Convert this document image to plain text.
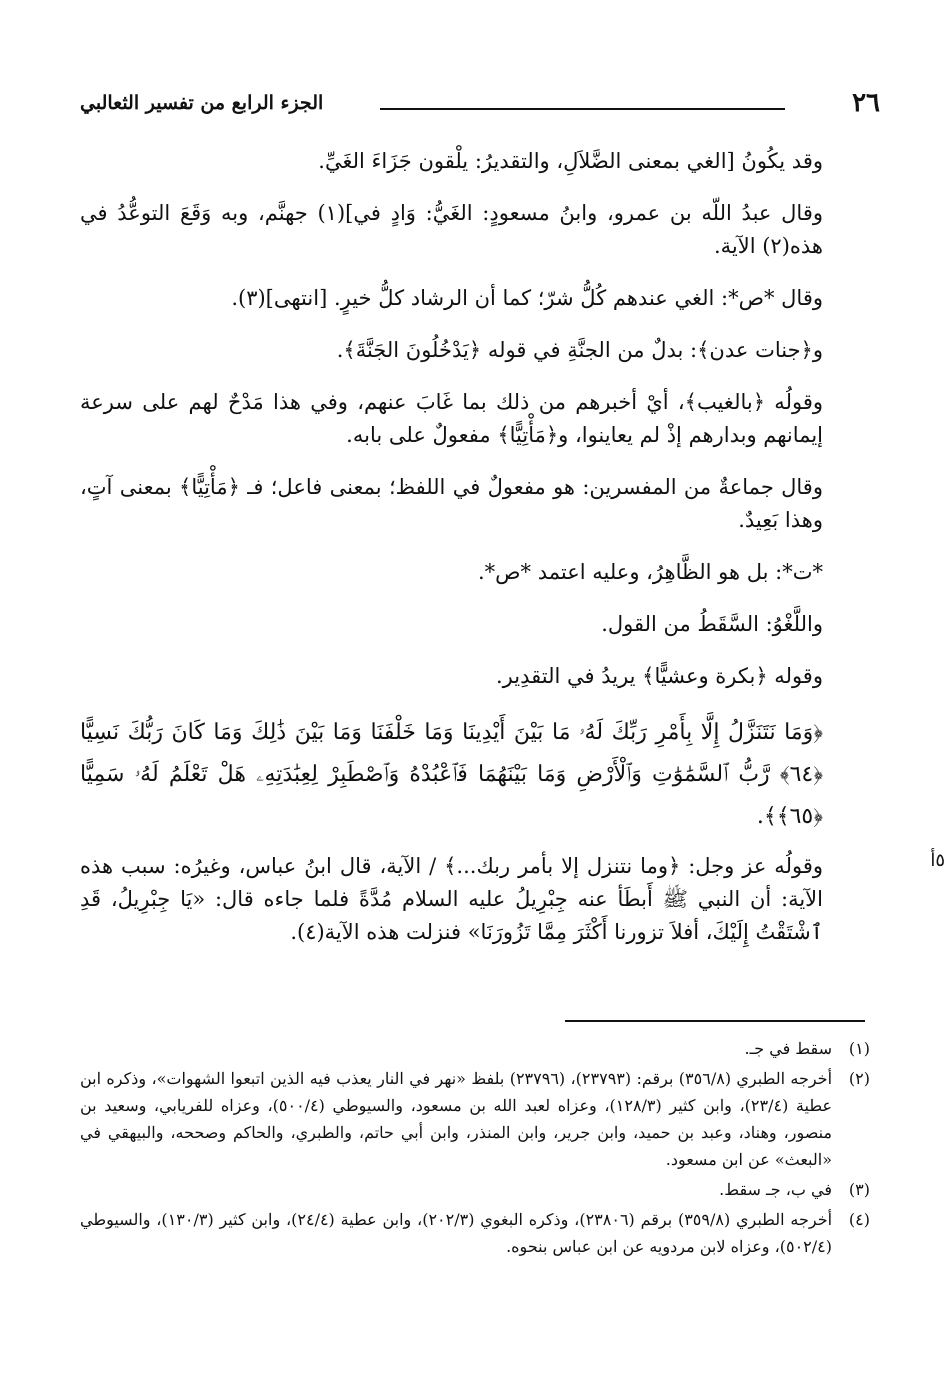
٢٦
الجزء الرابع من تفسير الثعالبي

وقد يكُونُ [الغي بمعنى الضَّلاَلِ، والتقديرُ: يلْقون جَزَاءَ الغَيِّ.

وقال عبدُ اللّه بن عمرو، وابنُ مسعودٍ: الغَيُّ: وَادٍ في](١) جهنَّم، وبه وَقَعَ التوعُّدُ في هذه(٢) الآية.

وقال *ص*: الغي عندهم كُلُّ شرّ؛ كما أن الرشاد كلُّ خيرٍ. [انتهى](٣).

و﴿جنات عدن﴾: بدلٌ من الجنَّةِ في قوله ﴿يَدْخُلُونَ الجَنَّةَ﴾.

وقولُه ﴿بالغيب﴾، أيْ أخبرهم من ذلك بما غَابَ عنهم، وفي هذا مَدْحٌ لهم على سرعة إيمانهم وبدارهم إذْ لم يعاينوا، و﴿مَأْتِيًّا﴾ مفعولٌ على بابه.

وقال جماعةٌ من المفسرين: هو مفعولٌ في اللفظ؛ بمعنى فاعل؛ فـ ﴿مَأْتِيًّا﴾ بمعنى آتٍ، وهذا بَعِيدٌ.

*ت*: بل هو الظَّاهِرُ، وعليه اعتمد *ص*.

واللَّغْوُ: السَّقَطُ من القول.

وقوله ﴿بكرة وعشيًّا﴾ يريدُ في التقدِير.

﴿وَمَا نَتَنَزَّلُ إِلَّا بِأَمْرِ رَبِّكَ لَهُۥ مَا بَيْنَ أَيْدِينَا وَمَا خَلْفَنَا وَمَا بَيْنَ ذَٰلِكَ وَمَا كَانَ رَبُّكَ نَسِيًّا ﴿٦٤﴾ رَّبُّ ٱلسَّمَٰوَٰتِ وَٱلْأَرْضِ وَمَا بَيْنَهُمَا فَٱعْبُدْهُ وَٱصْطَبِرْ لِعِبَٰدَتِهِۦ هَلْ تَعْلَمُ لَهُۥ سَمِيًّا ﴿٦٥﴾﴾.

٥أ

وقولُه عز وجل: ﴿وما نتنزل إلا بأمر ربك...﴾ / الآية، قال ابنُ عباس، وغيرُه: سبب هذه الآية: أن النبي ﷺ أَبطَأ عنه جِبْرِيلُ عليه السلام مُدَّةً فلما جاءه قال: «يَا جِبْرِيلُ، قَدِ ٱشْتَقْتُ إِلَيْكَ، أفلاَ تزورنا أَكْثَرَ مِمَّا تَزُورَنَا» فنزلت هذه الآية(٤).

(١)
سقط في جـ.
(٢)
أخرجه الطبري (٣٥٦/٨) برقم: (٢٣٧٩٣)، (٢٣٧٩٦) بلفظ «نهر في النار يعذب فيه الذين اتبعوا الشهوات»، وذكره ابن عطية (٢٣/٤)، وابن كثير (١٢٨/٣)، وعزاه لعبد الله بن مسعود، والسيوطي (٥٠٠/٤)، وعزاه للفريابي، وسعيد بن منصور، وهناد، وعبد بن حميد، وابن جرير، وابن المنذر، وابن أبي حاتم، والطبري، والحاكم وصححه، والبيهقي في «البعث» عن ابن مسعود.
(٣)
في ب، جـ سقط.
(٤)
أخرجه الطبري (٣٥٩/٨) برقم (٢٣٨٠٦)، وذكره البغوي (٢٠٢/٣)، وابن عطية (٢٤/٤)، وابن كثير (١٣٠/٣)، والسيوطي (٥٠٢/٤)، وعزاه لابن مردويه عن ابن عباس بنحوه.
